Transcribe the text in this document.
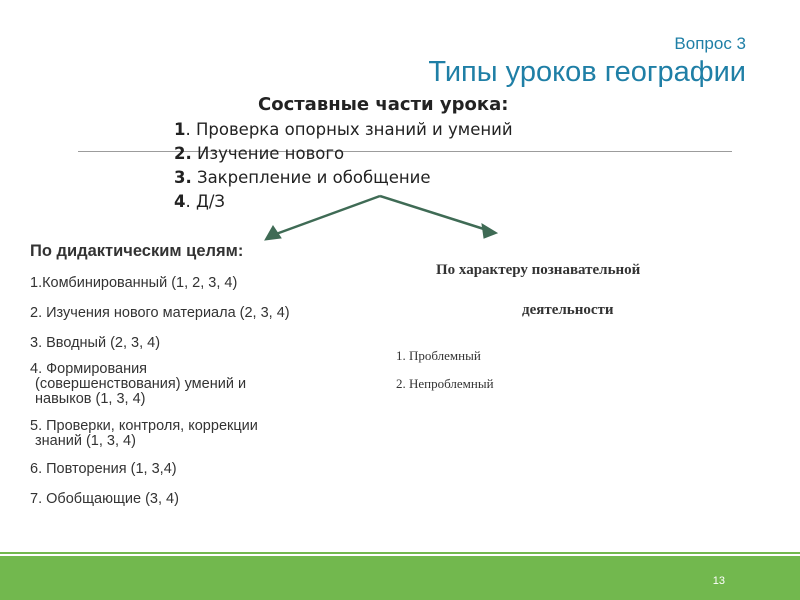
Вопрос 3
Типы уроков географии
Составные части урока:
1. Проверка опорных знаний и умений
2. Изучение нового
3. Закрепление и обобщение
4. Д/З
По дидактическим целям:
1.Комбинированный (1, 2, 3, 4)
2. Изучения нового материала (2, 3, 4)
3. Вводный (2, 3, 4)
4. Формирования
(совершенствования) умений и
навыков (1, 3, 4)
5. Проверки, контроля, коррекции
знаний (1, 3, 4)
6. Повторения (1, 3,4)
7. Обобщающие (3, 4)
По характеру познавательной
деятельности
1. Проблемный
2. Непроблемный
13
